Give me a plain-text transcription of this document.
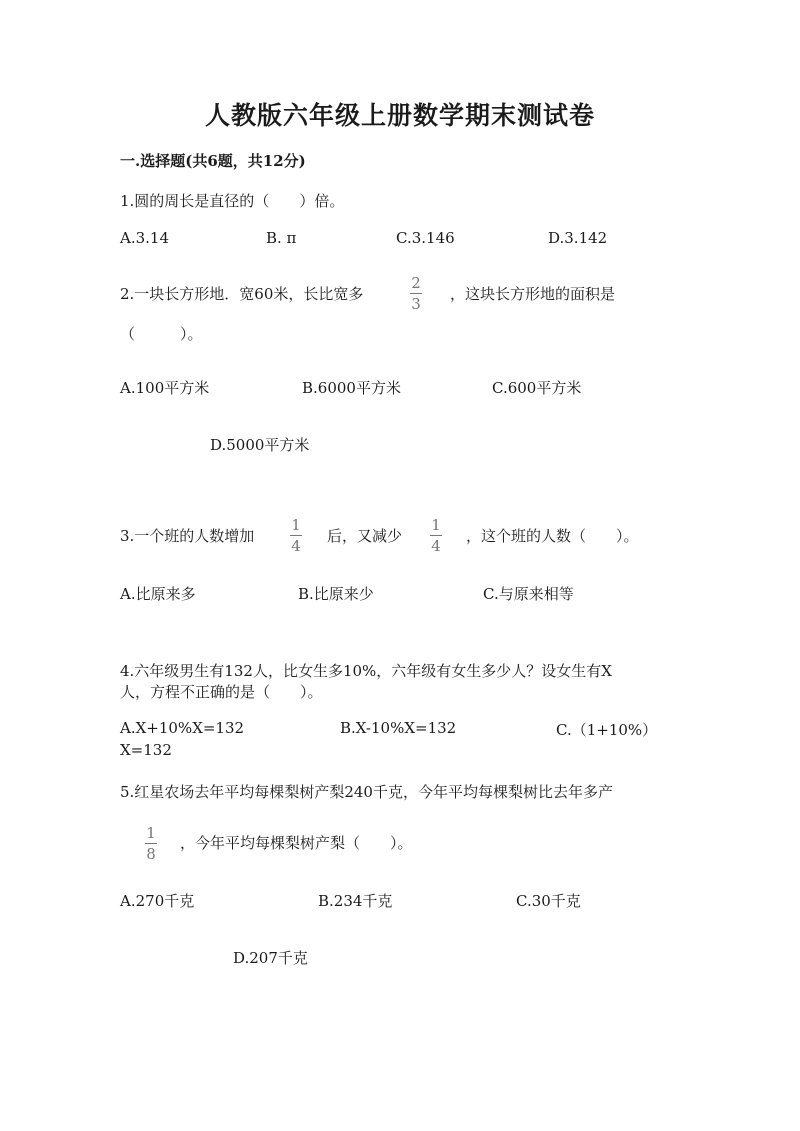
人教版六年级上册数学期末测试卷
一.选择题(共6题，共12分)
1.圆的周长是直径的（　　）倍。
A.3.14	B. π	C.3.146	D.3.142
2.一块长方形地．宽60米，长比宽多
2
3
，这块长方形地的面积是
（　　　）。
A.100平方米	B.6000平方米	C.600平方米
D.5000平方米
3.一个班的人数增加
1
4
后，又减少
1
4
，这个班的人数（　　）。
A.比原来多	B.比原来少	C.与原来相等
4.六年级男生有132人，比女生多10%，六年级有女生多少人？设女生有X
人，方程不正确的是（　　）。
A.X+10%X=132	B.X-10%X=132	C.（1+10%）
X=132
5.红星农场去年平均每棵梨树产梨240千克，今年平均每棵梨树比去年多产
1
8
，今年平均每棵梨树产梨（　　）。
A.270千克	B.234千克	C.30千克
D.207千克
